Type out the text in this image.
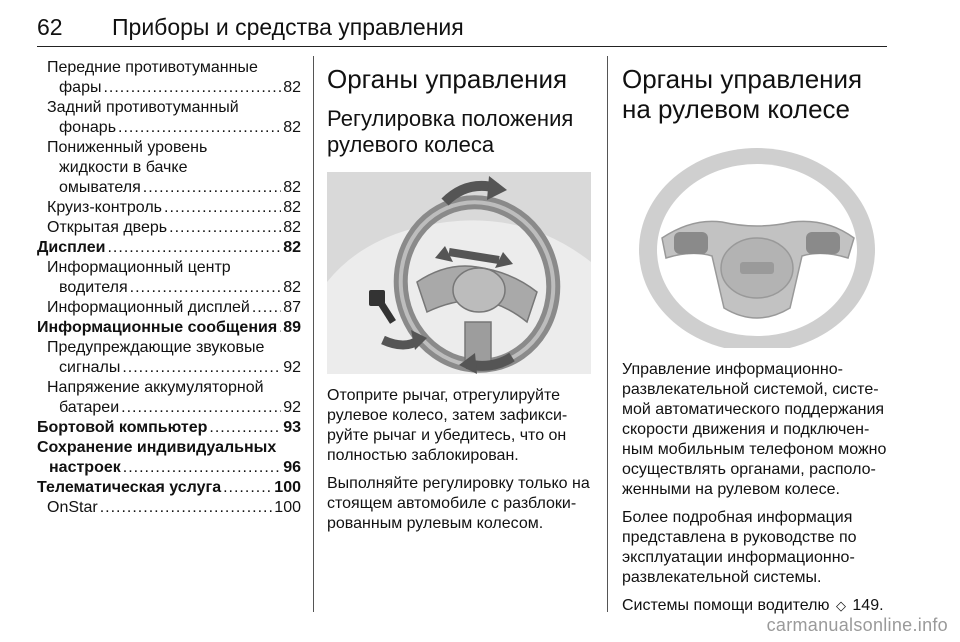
62 Приборы и средства управления
Передние противотуманные
фары .....	82
Задний противотуманный
фонарь .....	82
Пониженный уровень
жидкости в бачке
омывателя .....	82
Круиз-контроль .....	82
Открытая дверь .....	82
Дисплеи .....	82
Информационный центр
водителя .....	82
Информационный дисплей ..... 87
Информационные сообщения ..... 89
Предупреждающие звуковые
сигналы .....	92
Напряжение аккумуляторной
батареи .....	92
Бортовой компьютер .....	93
Сохранение индивидуальных
настроек .....	96
Телематическая услуга .....	100
OnStar .....	100
Органы управления
Регулировка положения рулевого колеса

Отоприте рычаг, отрегулируйте рулевое колесо, затем зафикси-руйте рычаг и убедитесь, что он полностью заблокирован.

Выполняйте регулировку только на стоящем автомобиле с разблоки-рованным рулевым колесом.

Органы управления на рулевом колесе

Управление информационно-развлекательной системой, систе-мой автоматического поддержания скорости движения и подключен-ным мобильным телефоном можно осуществлять органами, располо-женными на рулевом колесе.

Более подробная информация представлена в руководстве по эксплуатации информационно-развлекательной системы.

Системы помощи водителю ◇ 149.

carmanualsonline.info
